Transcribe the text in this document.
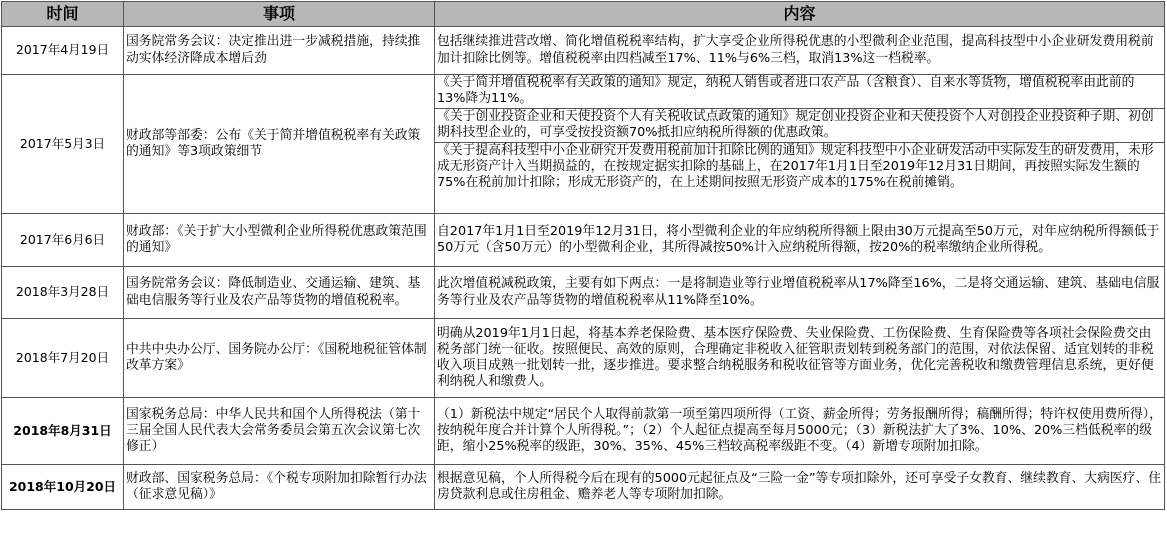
时间	事项	内容
2017年4月19日	国务院常务会议：决定推出进一步减税措施，持续推动实体经济降成本增后劲	包括继续推进营改增、简化增值税税率结构，扩大享受企业所得税优惠的小型微利企业范围，提高科技型中小企业研发费用税前加计扣除比例等。增值税税率由四档减至17%、11%与6%三档，取消13%这一档税率。
2017年5月3日	财政部等部委：公布《关于简并增值税税率有关政策的通知》等3项政策细节	《关于简并增值税税率有关政策的通知》规定，纳税人销售或者进口农产品（含粮食）、自来水等货物，增值税税率由此前的13%降为11%。
		《关于创业投资企业和天使投资个人有关税收试点政策的通知》规定创业投资企业和天使投资个人对创投企业投资种子期、初创期科技型企业的，可享受按投资额70%抵扣应纳税所得额的优惠政策。
		《关于提高科技型中小企业研究开发费用税前加计扣除比例的通知》规定科技型中小企业研发活动中实际发生的研发费用，未形成无形资产计入当期损益的，在按规定据实扣除的基础上，在2017年1月1日至2019年12月31日期间，再按照实际发生额的75%在税前加计扣除；形成无形资产的，在上述期间按照无形资产成本的175%在税前摊销。
2017年6月6日	财政部：《关于扩大小型微利企业所得税优惠政策范围的通知》	自2017年1月1日至2019年12月31日，将小型微利企业的年应纳税所得额上限由30万元提高至50万元，对年应纳税所得额低于50万元（含50万元）的小型微利企业，其所得减按50%计入应纳税所得额，按20%的税率缴纳企业所得税。
2018年3月28日	国务院常务会议：降低制造业、交通运输、建筑、基础电信服务等行业及农产品等货物的增值税税率。	此次增值税减税政策，主要有如下两点：一是将制造业等行业增值税税率从17%降至16%，二是将交通运输、建筑、基础电信服务等行业及农产品等货物的增值税税率从11%降至10%。
2018年7月20日	中共中央办公厅、国务院办公厅：《国税地税征管体制改革方案》	明确从2019年1月1日起，将基本养老保险费、基本医疗保险费、失业保险费、工伤保险费、生育保险费等各项社会保险费交由税务部门统一征收。按照便民、高效的原则，合理确定非税收入征管职责划转到税务部门的范围，对依法保留、适宜划转的非税收入项目成熟一批划转一批，逐步推进。要求整合纳税服务和税收征管等方面业务，优化完善税收和缴费管理信息系统，更好便利纳税人和缴费人。
2018年8月31日	国家税务总局：中华人民共和国个人所得税法（第十三届全国人民代表大会常务委员会第五次会议第七次修正）	（1）新税法中规定“居民个人取得前款第一项至第四项所得（工资、薪金所得；劳务报酬所得；稿酬所得；特许权使用费所得），按纳税年度合并计算个人所得税。”；（2）个人起征点提高至每月5000元；（3）新税法扩大了3%、10%、20%三档低税率的级距，缩小25%税率的级距，30%、35%、45%三档较高税率级距不变。（4）新增专项附加扣除。
2018年10月20日	财政部、国家税务总局：《个税专项附加扣除暂行办法（征求意见稿）》	根据意见稿，个人所得税今后在现有的5000元起征点及“三险一金”等专项扣除外，还可享受子女教育、继续教育、大病医疗、住房贷款利息或住房租金、赡养老人等专项附加扣除。
